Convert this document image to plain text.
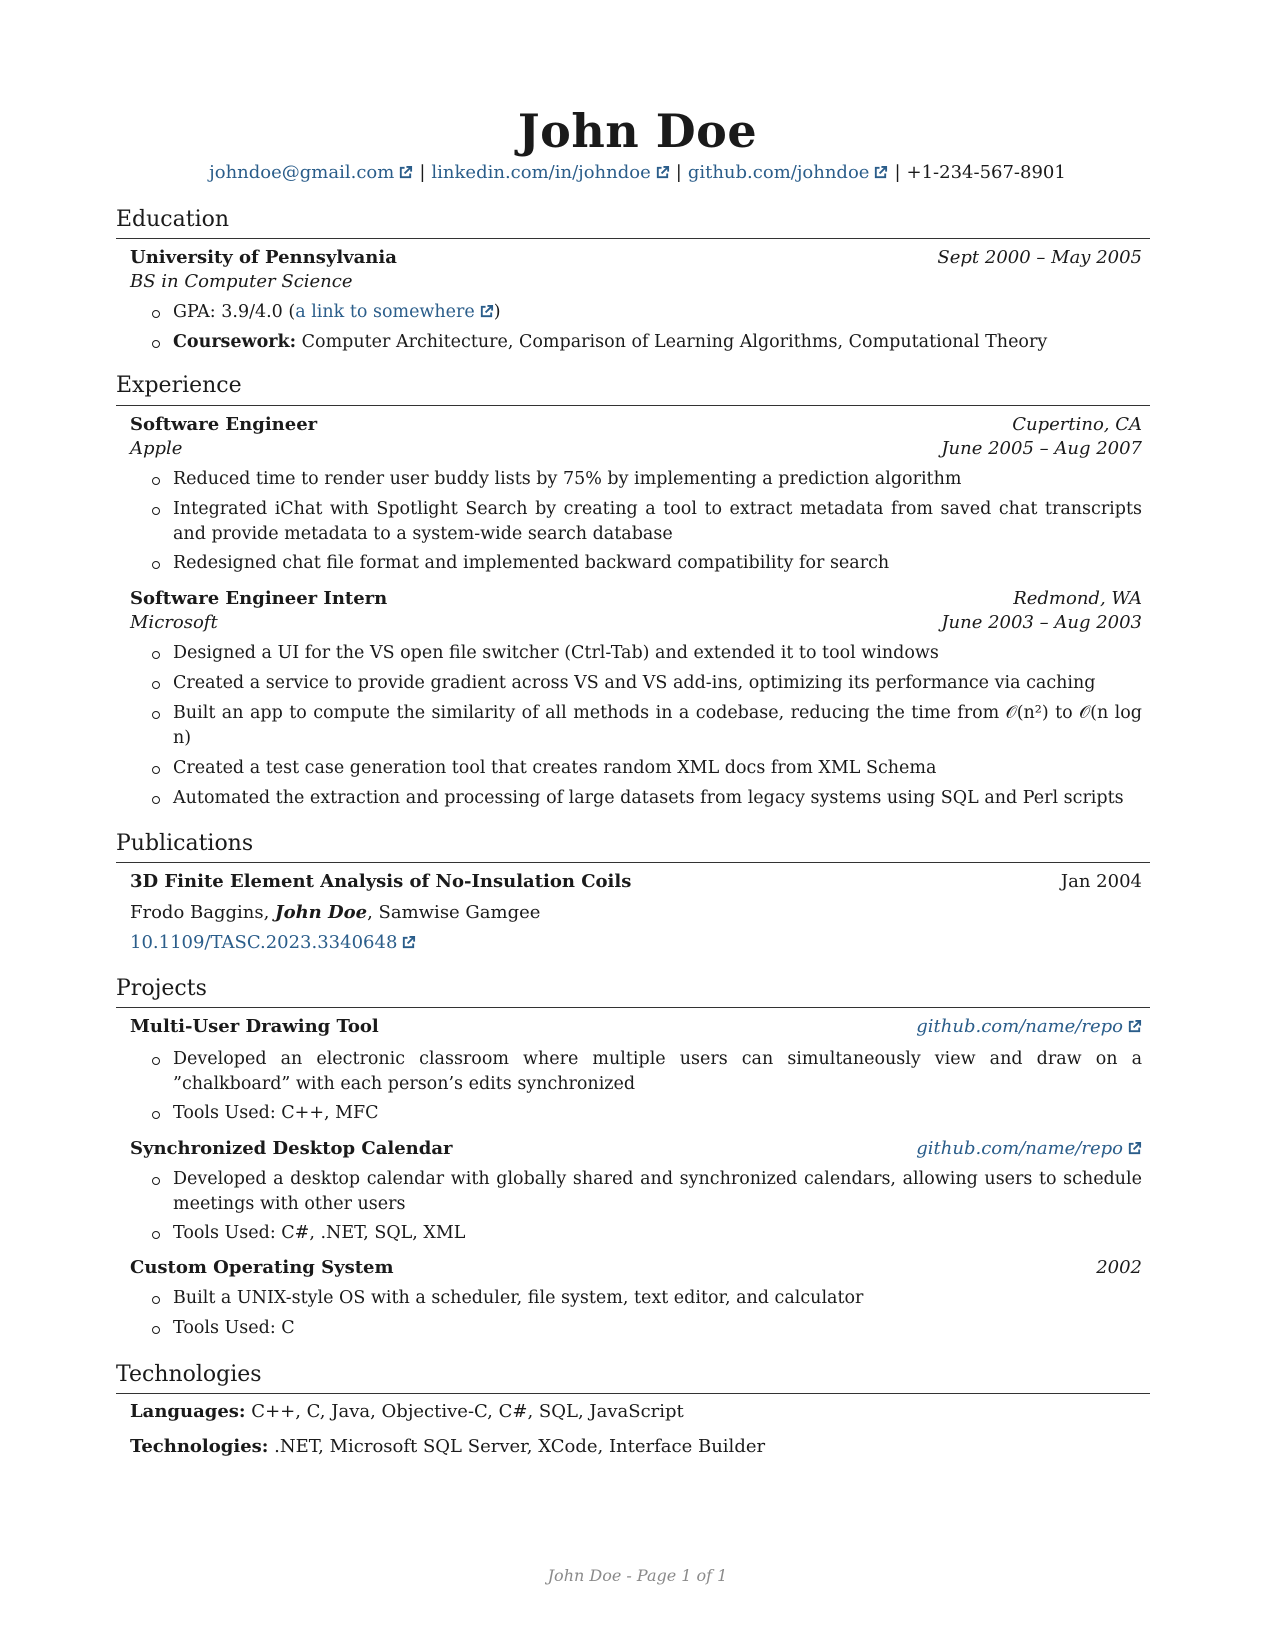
John Doe
johndoe@gmail.com | linkedin.com/in/johndoe | github.com/johndoe | +1-234-567-8901
Education
University of Pennsylvania	Sept 2000 – May 2005
BS in Computer Science
GPA: 3.9/4.0 (a link to somewhere )
Coursework: Computer Architecture, Comparison of Learning Algorithms, Computational Theory
Experience
Software Engineer	Cupertino, CA
Apple	June 2005 – Aug 2007
Reduced time to render user buddy lists by 75% by implementing a prediction algorithm
Integrated iChat with Spotlight Search by creating a tool to extract metadata from saved chat transcripts and provide metadata to a system-wide search database
Redesigned chat file format and implemented backward compatibility for search
Software Engineer Intern	Redmond, WA
Microsoft	June 2003 – Aug 2003
Designed a UI for the VS open file switcher (Ctrl-Tab) and extended it to tool windows
Created a service to provide gradient across VS and VS add-ins, optimizing its performance via caching
Built an app to compute the similarity of all methods in a codebase, reducing the time from 𝒪(n²) to 𝒪(n log n)
Created a test case generation tool that creates random XML docs from XML Schema
Automated the extraction and processing of large datasets from legacy systems using SQL and Perl scripts
Publications
3D Finite Element Analysis of No-Insulation Coils	Jan 2004
Frodo Baggins, John Doe, Samwise Gamgee
10.1109/TASC.2023.3340648
Projects
Multi-User Drawing Tool	github.com/name/repo
Developed an electronic classroom where multiple users can simultaneously view and draw on a ”chalkboard” with each person’s edits synchronized
Tools Used: C++, MFC
Synchronized Desktop Calendar	github.com/name/repo
Developed a desktop calendar with globally shared and synchronized calendars, allowing users to schedule meetings with other users
Tools Used: C#, .NET, SQL, XML
Custom Operating System	2002
Built a UNIX-style OS with a scheduler, file system, text editor, and calculator
Tools Used: C
Technologies
Languages: C++, C, Java, Objective-C, C#, SQL, JavaScript
Technologies: .NET, Microsoft SQL Server, XCode, Interface Builder
John Doe - Page 1 of 1
